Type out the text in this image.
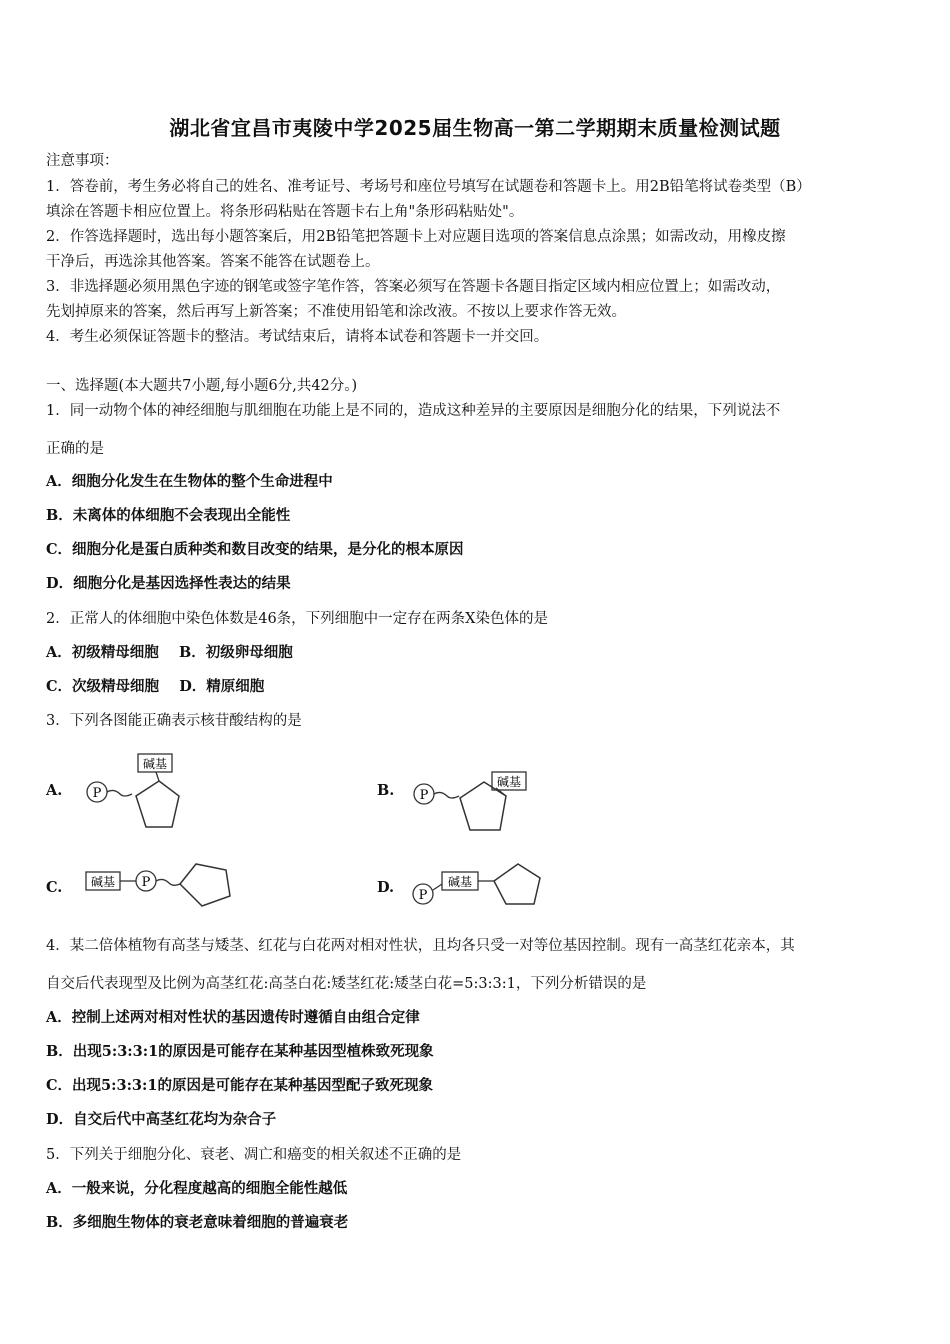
湖北省宜昌市夷陵中学2025届生物高一第二学期期末质量检测试题
注意事项：
1．答卷前，考生务必将自己的姓名、准考证号、考场号和座位号填写在试题卷和答题卡上。用2B铅笔将试卷类型（B）
填涂在答题卡相应位置上。将条形码粘贴在答题卡右上角"条形码粘贴处"。
2．作答选择题时，选出每小题答案后，用2B铅笔把答题卡上对应题目选项的答案信息点涂黑；如需改动，用橡皮擦
干净后，再选涂其他答案。答案不能答在试题卷上。
3．非选择题必须用黑色字迹的钢笔或签字笔作答，答案必须写在答题卡各题目指定区域内相应位置上；如需改动，
先划掉原来的答案，然后再写上新答案；不准使用铅笔和涂改液。不按以上要求作答无效。
4．考生必须保证答题卡的整洁。考试结束后，请将本试卷和答题卡一并交回。
一、选择题(本大题共7小题,每小题6分,共42分。)
1．同一动物个体的神经细胞与肌细胞在功能上是不同的，造成这种差异的主要原因是细胞分化的结果，下列说法不
正确的是
A．细胞分化发生在生物体的整个生命进程中
B．未离体的体细胞不会表现出全能性
C．细胞分化是蛋白质种类和数目改变的结果，是分化的根本原因
D．细胞分化是基因选择性表达的结果
2．正常人的体细胞中染色体数是46条，下列细胞中一定存在两条X染色体的是
A．初级精母细胞    B．初级卵母细胞
C．次级精母细胞    D．精原细胞
3．下列各图能正确表示核苷酸结构的是
A. P
碱基
B. P
碱基
C. 碱基 P	D. P
碱基
4．某二倍体植物有高茎与矮茎、红花与白花两对相对性状，且均各只受一对等位基因控制。现有一高茎红花亲本，其
自交后代表现型及比例为高茎红花:高茎白花:矮茎红花:矮茎白花=5:3:3:1，下列分析错误的是
A．控制上述两对相对性状的基因遗传时遵循自由组合定律
B．出现5:3:3:1的原因是可能存在某种基因型植株致死现象
C．出现5:3:3:1的原因是可能存在某种基因型配子致死现象
D．自交后代中高茎红花均为杂合子
5．下列关于细胞分化、衰老、凋亡和癌变的相关叙述不正确的是
A．一般来说，分化程度越高的细胞全能性越低
B．多细胞生物体的衰老意味着细胞的普遍衰老
